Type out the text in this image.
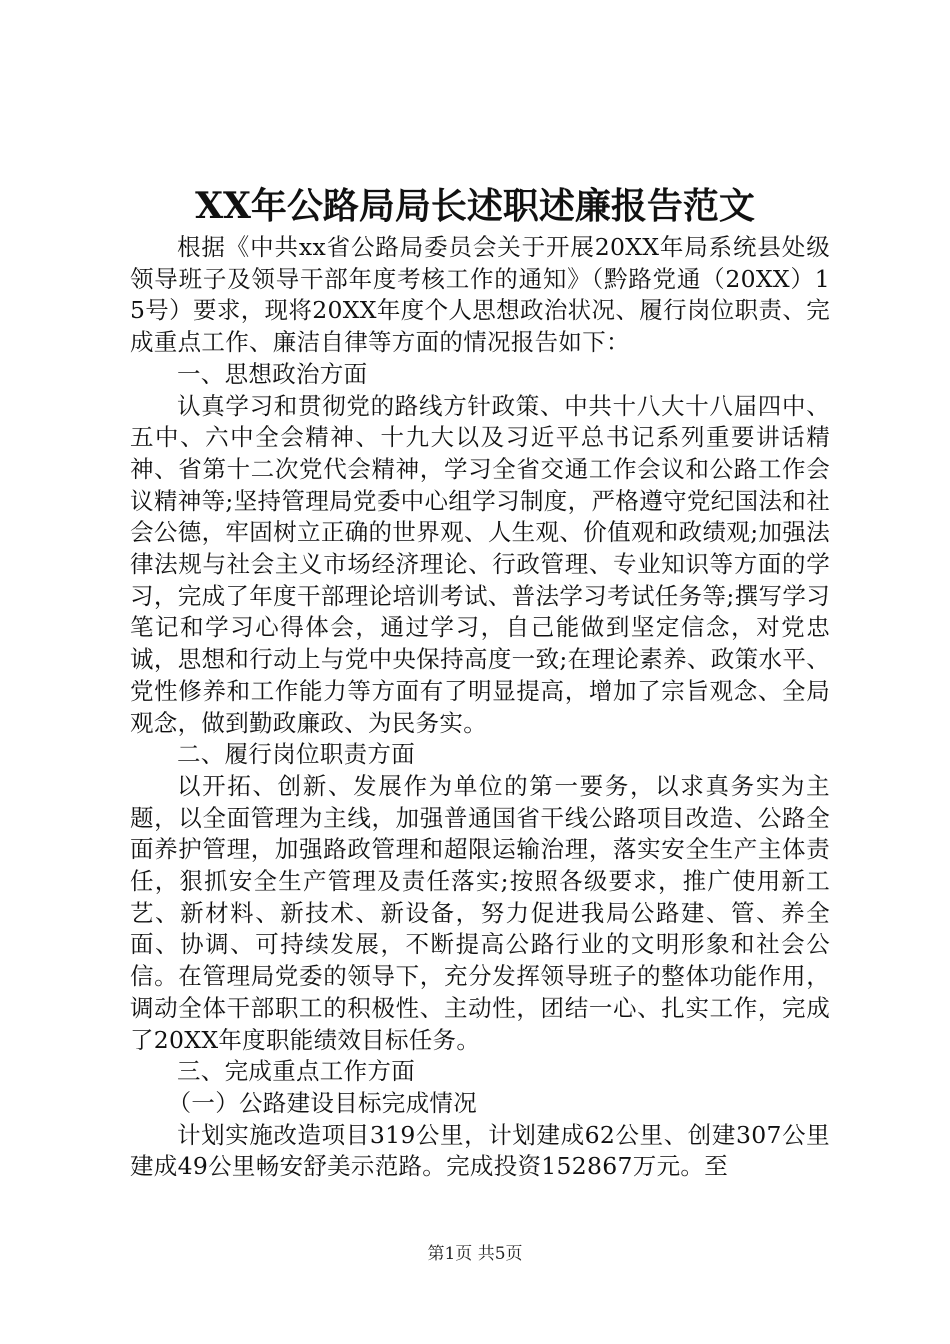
XX年公路局局长述职述廉报告范文

根据《中共xx省公路局委员会关于开展20XX年局系统县处级领导班子及领导干部年度考核工作的通知》（黔路党通（20XX）15号）要求，现将20XX年度个人思想政治状况、履行岗位职责、完成重点工作、廉洁自律等方面的情况报告如下：

一、思想政治方面

认真学习和贯彻党的路线方针政策、中共十八大十八届四中、五中、六中全会精神、十九大以及习近平总书记系列重要讲话精神、省第十二次党代会精神，学习全省交通工作会议和公路工作会议精神等;坚持管理局党委中心组学习制度，严格遵守党纪国法和社会公德，牢固树立正确的世界观、人生观、价值观和政绩观;加强法律法规与社会主义市场经济理论、行政管理、专业知识等方面的学习，完成了年度干部理论培训考试、普法学习考试任务等;撰写学习笔记和学习心得体会，通过学习，自己能做到坚定信念，对党忠诚，思想和行动上与党中央保持高度一致;在理论素养、政策水平、党性修养和工作能力等方面有了明显提高，增加了宗旨观念、全局观念，做到勤政廉政、为民务实。

二、履行岗位职责方面

以开拓、创新、发展作为单位的第一要务，以求真务实为主题，以全面管理为主线，加强普通国省干线公路项目改造、公路全面养护管理，加强路政管理和超限运输治理，落实安全生产主体责任，狠抓安全生产管理及责任落实;按照各级要求，推广使用新工艺、新材料、新技术、新设备，努力促进我局公路建、管、养全面、协调、可持续发展，不断提高公路行业的文明形象和社会公信。在管理局党委的领导下，充分发挥领导班子的整体功能作用，调动全体干部职工的积极性、主动性，团结一心、扎实工作，完成了20XX年度职能绩效目标任务。

三、完成重点工作方面

（一）公路建设目标完成情况

计划实施改造项目319公里，计划建成62公里、创建307公里建成49公里畅安舒美示范路。完成投资152867万元。至

第1页 共5页
